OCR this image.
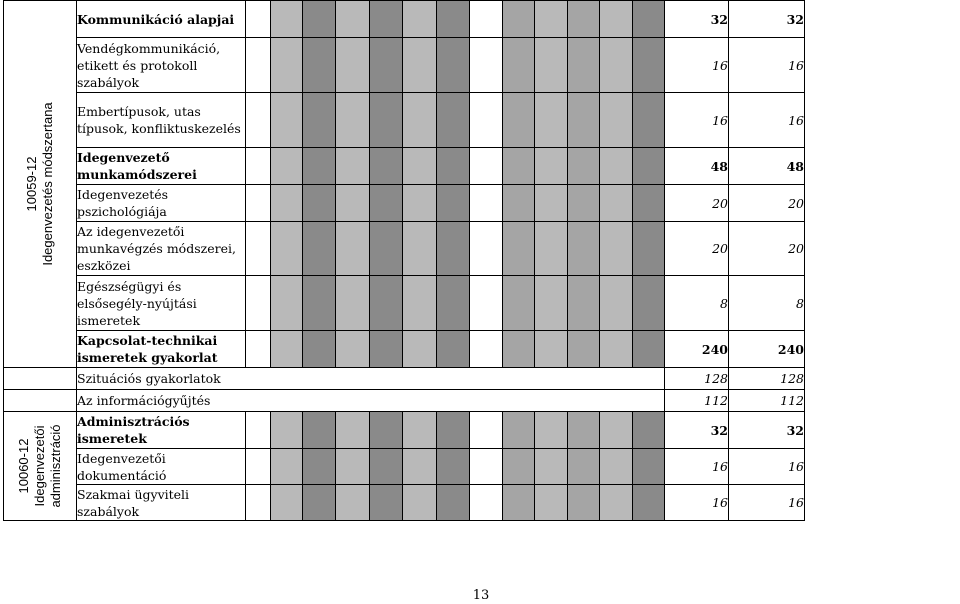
10059-12 Idegenvezetés módszertana	Kommunikáció alapjai														32	32
	Vendégkommunikáció, etikett és protokoll szabályok														16	16
	Embertípusok, utas típusok, konfliktuskezelés														16	16
	Idegenvezető munkamódszerei														48	48
	Idegenvezetés pszichológiája														20	20
	Az idegenvezetői munkavégzés módszerei, eszközei														20	20
	Egészségügyi és elsősegély-nyújtási ismeretek														8	8
	Kapcsolat-technikai ismeretek gyakorlat														240	240
	Szituációs gyakorlatok														128	128
	Az információgyűjtés														112	112

10060-12 Idegenvezetői adminisztráció	Adminisztrációs ismeretek														32	32
	Idegenvezetői dokumentáció														16	16
	Szakmai ügyviteli szabályok														16	16
13
